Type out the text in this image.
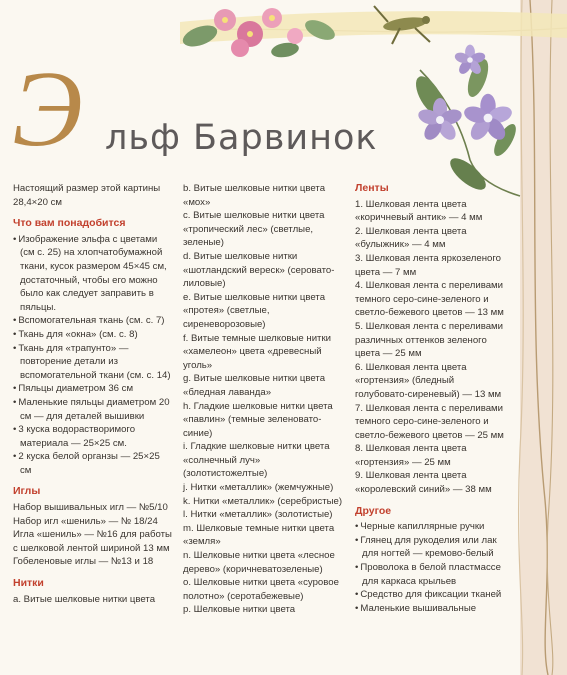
Э льф Барвинок

Настоящий размер этой картины 28,4×20 см

Что вам понадобится

• Изображение эльфа с цветами (см с. 25) на хлопчатобумажной ткани, кусок размером 45×45 см, достаточный, чтобы его можно было как следует заправить в пяльцы.

• Вспомогательная ткань (см. с. 7)

• Ткань для «окна» (см. с. 8)

• Ткань для «трапунто» — повторение детали из вспомогательной ткани (см. с. 14)

• Пяльцы диаметром 36 см

• Маленькие пяльцы диаметром 20 см — для деталей вышивки

• 3 куска водорастворимого материала — 25×25 см.

• 2 куска белой органзы — 25×25 см

Иглы

Набор вышивальных игл — №5/10

Набор игл «шениль» — № 18/24

Игла «шениль» — №16 для работы с шелковой лентой шириной 13 мм

Гобеленовые иглы — №13 и 18

Нитки

a. Витые шелковые нитки цвета

b. Витые шелковые нитки цвета «мох»

c. Витые шелковые нитки цвета «тропический лес» (светлые, зеленые)

d. Витые шелковые нитки «шотландский вереск» (серовато-лиловые)

e. Витые шелковые нитки цвета «протея» (светлые, сиреневорозовые)

f. Витые темные шелковые нитки «хамелеон» цвета «древесный уголь»

g. Витые шелковые нитки цвета «бледная лаванда»

h. Гладкие шелковые нитки цвета «павлин» (темные зеленовато-синие)

i. Гладкие шелковые нитки цвета «солнечный луч» (золотистожелтые)

j. Нитки «металлик» (жемчужные)

k. Нитки «металлик» (серебристые)

l. Нитки «металлик» (золотистые)

m. Шелковые темные нитки цвета «земля»

n. Шелковые нитки цвета «лесное дерево» (коричневатозеленые)

o. Шелковые нитки цвета «суровое полотно» (серотабежевые)

p. Шелковые нитки цвета

Ленты

1. Шелковая лента цвета «коричневый антик» — 4 мм

2. Шелковая лента цвета «булыжник» — 4 мм

3. Шелковая лента яркозеленого цвета — 7 мм

4. Шелковая лента с переливами темного серо-сине-зеленого и светло-бежевого цветов — 13 мм

5. Шелковая лента с переливами различных оттенков зеленого цвета — 25 мм

6. Шелковая лента цвета «гортензия» (бледный голубовато-сиреневый) — 13 мм

7. Шелковая лента с переливами темного серо-сине-зеленого и светло-бежевого цветов — 25 мм

8. Шелковая лента цвета «гортензия» — 25 мм

9. Шелковая лента цвета «королевский синий» — 38 мм

Другое

• Черные капиллярные ручки

• Глянец для рукоделия или лак для ногтей — кремово-белый

• Проволока в белой пластмассе для каркаса крыльев

• Средство для фиксации тканей

• Маленькие вышивальные
